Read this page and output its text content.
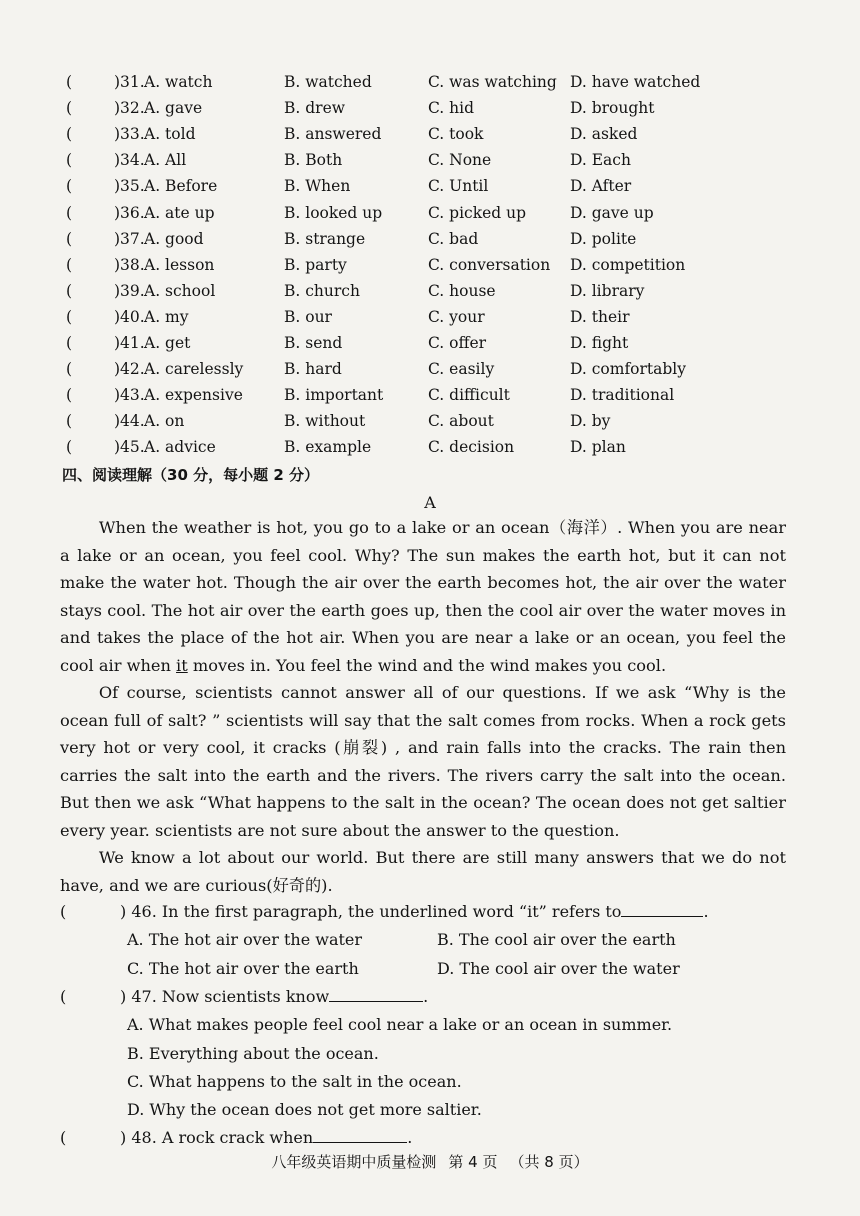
(	)31. A. watch	B. watched	C. was watching D. have watched
(	)32. A. gave	B. drew	C. hid	D. brought
(	)33. A. told	B. answered	C. took	D. asked
(	)34. A. All	B. Both	C. None	D. Each
(	)35. A. Before	B. When	C. Until	D. After
(	)36. A. ate up	B. looked up	C. picked up	D. gave up
(	)37. A. good	B. strange	C. bad	D. polite
(	)38. A. lesson	B. party	C. conversation D. competition
(	)39. A. school	B. church	C. house	D. library
(	)40. A. my	B. our	C. your	D. their
(	)41. A. get	B. send	C. offer	D. fight
(	)42. A. carelessly	B. hard	C. easily	D. comfortably
(	)43. A. expensive	B. important	C. difficult	D. traditional
(	)44. A. on	B. without	C. about	D. by
(	)45. A. advice	B. example	C. decision	D. plan
四、阅读理解（30 分，每小题 2 分）
A

When the weather is hot, you go to a lake or an ocean（海洋）. When you are near a lake or an ocean, you feel cool. Why? The sun makes the earth hot, but it can not make the water hot. Though the air over the earth becomes hot, the air over the water stays cool. The hot air over the earth goes up, then the cool air over the water moves in and takes the place of the hot air. When you are near a lake or an ocean, you feel the cool air when it moves in. You feel the wind and the wind makes you cool.

Of course, scientists cannot answer all of our questions. If we ask “Why is the ocean full of salt? ” scientists will say that the salt comes from rocks. When a rock gets very hot or very cool, it cracks (崩裂) , and rain falls into the cracks. The rain then carries the salt into the earth and the rivers. The rivers carry the salt into the ocean. But then we ask “What happens to the salt in the ocean? The ocean does not get saltier every year. scientists are not sure about the answer to the question.

We know a lot about our world. But there are still many answers that we do not have, and we are curious(好奇的).

(	) 46. In the first paragraph, the underlined word “it” refers to	.
A. The hot air over the water	B. The cool air over the earth
C. The hot air over the earth	D. The cool air over the water
(	) 47. Now scientists know	.
A. What makes people feel cool near a lake or an ocean in summer.
B. Everything about the ocean.
C. What happens to the salt in the ocean.
D. Why the ocean does not get more saltier.
(	) 48. A rock crack when	.
八年级英语期中质量检测 第 4 页 （共 8 页）
